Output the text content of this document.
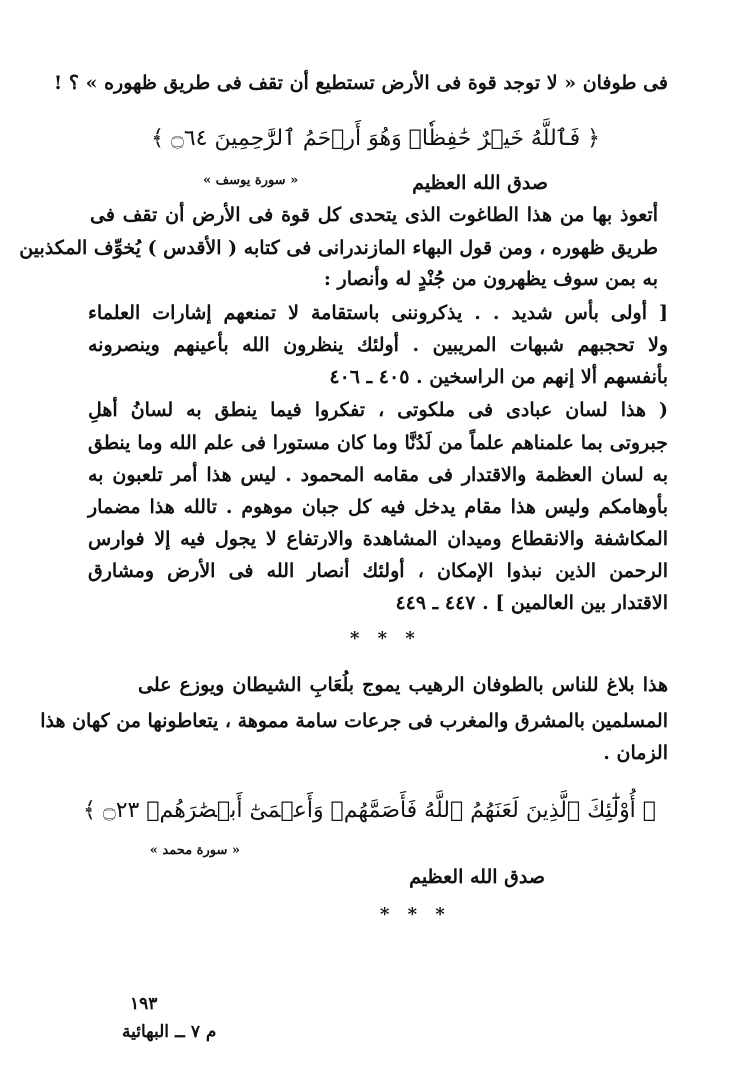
فى طوفان « لا توجد قوة فى الأرض تستطيع أن تقف فى طريق ظهوره » ؟ !
﴿ فَٱللَّهُ خَيۡرٌ حَٰفِظٗاۖ وَهُوَ أَرۡحَمُ ٱلرَّٰحِمِينَ ۝٦٤ ﴾
صدق الله العظيم
« سورة يوسف »
أتعوذ بها من هذا الطاغوت الذى يتحدى كل قوة فى الأرض أن تقف فى
طريق ظهوره ، ومن قول البهاء المازندرانى فى كتابه ( الأقدس ) يُخوِّف المكذبين
به بمن سوف يظهرون من جُنْدٍ له وأنصار :
[ أولى بأس شديد . . يذكروننى باستقامة لا تمنعهم إشارات العلماء
ولا تحجبهم شبهات المريبين . أولئك ينظرون الله بأعينهم وينصرونه
بأنفسهم ألا إنهم من الراسخين . ٤٠٥ ـ ٤٠٦
( هذا لسان عبادى فى ملكوتى ، تفكروا فيما ينطق به لسانُ أهلِ
جبروتى بما علمناهم علماً من لَدُنَّا وما كان مستورا فى علم الله وما ينطق
به لسان العظمة والاقتدار فى مقامه المحمود . ليس هذا أمر تلعبون به
بأوهامكم وليس هذا مقام يدخل فيه كل جبان موهوم . تالله هذا مضمار
المكاشفة والانقطاع وميدان المشاهدة والارتفاع لا يجول فيه إلا فوارس
الرحمن الذين نبذوا الإمكان ، أولئك أنصار الله فى الأرض ومشارق
الاقتدار بين العالمين ] . ٤٤٧ ـ ٤٤٩
* * *
هذا بلاغ للناس بالطوفان الرهيب يموج بلُعَابِ الشيطان ويوزع على
المسلمين بالمشرق والمغرب فى جرعات سامة مموهة ، يتعاطونها من كهان هذا
الزمان .
﴿ أُوْلَٰٓئِكَ ٱلَّذِينَ لَعَنَهُمُ ٱللَّهُ فَأَصَمَّهُمۡ وَأَعۡمَىٰٓ أَبۡصَٰرَهُمۡ ۝٢٣ ﴾
« سورة محمد »
صدق الله العظيم
* * *
١٩٣
م ٧ ــ البهائية
